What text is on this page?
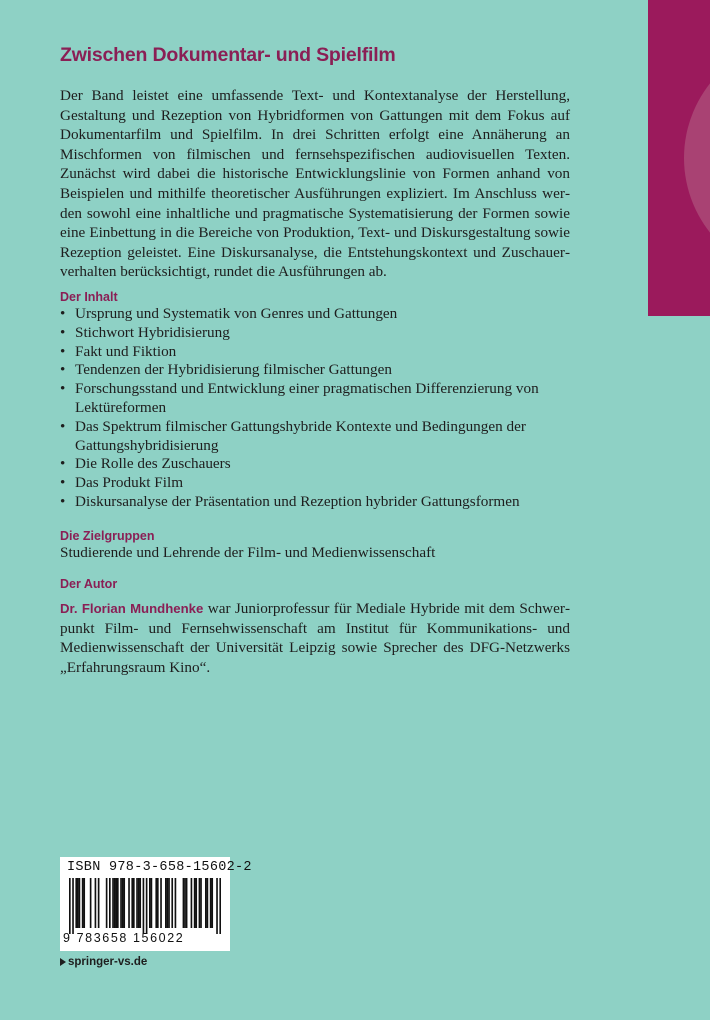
Zwischen Dokumentar- und Spielfilm

Der Band leistet eine umfassende Text- und Kontextanalyse der Herstellung, Gestaltung und Rezeption von Hybridformen von Gattungen mit dem Fokus auf Dokumentarfilm und Spielfilm. In drei Schritten erfolgt eine Annäherung an Mischformen von filmischen und fernsehspezifischen audiovisuellen Texten. Zunächst wird dabei die historische Entwicklungslinie von Formen anhand von Beispielen und mithilfe theoretischer Ausführungen expliziert. Im Anschluss werden sowohl eine inhaltliche und pragmatische Systematisierung der Formen sowie eine Einbettung in die Bereiche von Produktion, Text- und Diskursgestaltung sowie Rezeption geleistet. Eine Diskursanalyse, die Entstehungskontext und Zuschauerverhalten berücksichtigt, rundet die Ausführungen ab.

Der Inhalt
• Ursprung und Systematik von Genres und Gattungen
• Stichwort Hybridisierung
• Fakt und Fiktion
• Tendenzen der Hybridisierung filmischer Gattungen
• Forschungsstand und Entwicklung einer pragmatischen Differenzierung von Lektüreformen
• Das Spektrum filmischer Gattungshybride Kontexte und Bedingungen der Gattungshybridisierung
• Die Rolle des Zuschauers
• Das Produkt Film
• Diskursanalyse der Präsentation und Rezeption hybrider Gattungsformen
Die Zielgruppen

Studierende und Lehrende der Film- und Medienwissenschaft

Der Autor

Dr. Florian Mundhenke war Juniorprofessur für Mediale Hybride mit dem Schwerpunkt Film- und Fernsehwissenschaft am Institut für Kommunikations- und Medienwissenschaft der Universität Leipzig sowie Sprecher des DFG-Netzwerks „Erfahrungsraum Kino“.

ISBN 978-3-658-15602-2
9 783658 156022
springer-vs.de
